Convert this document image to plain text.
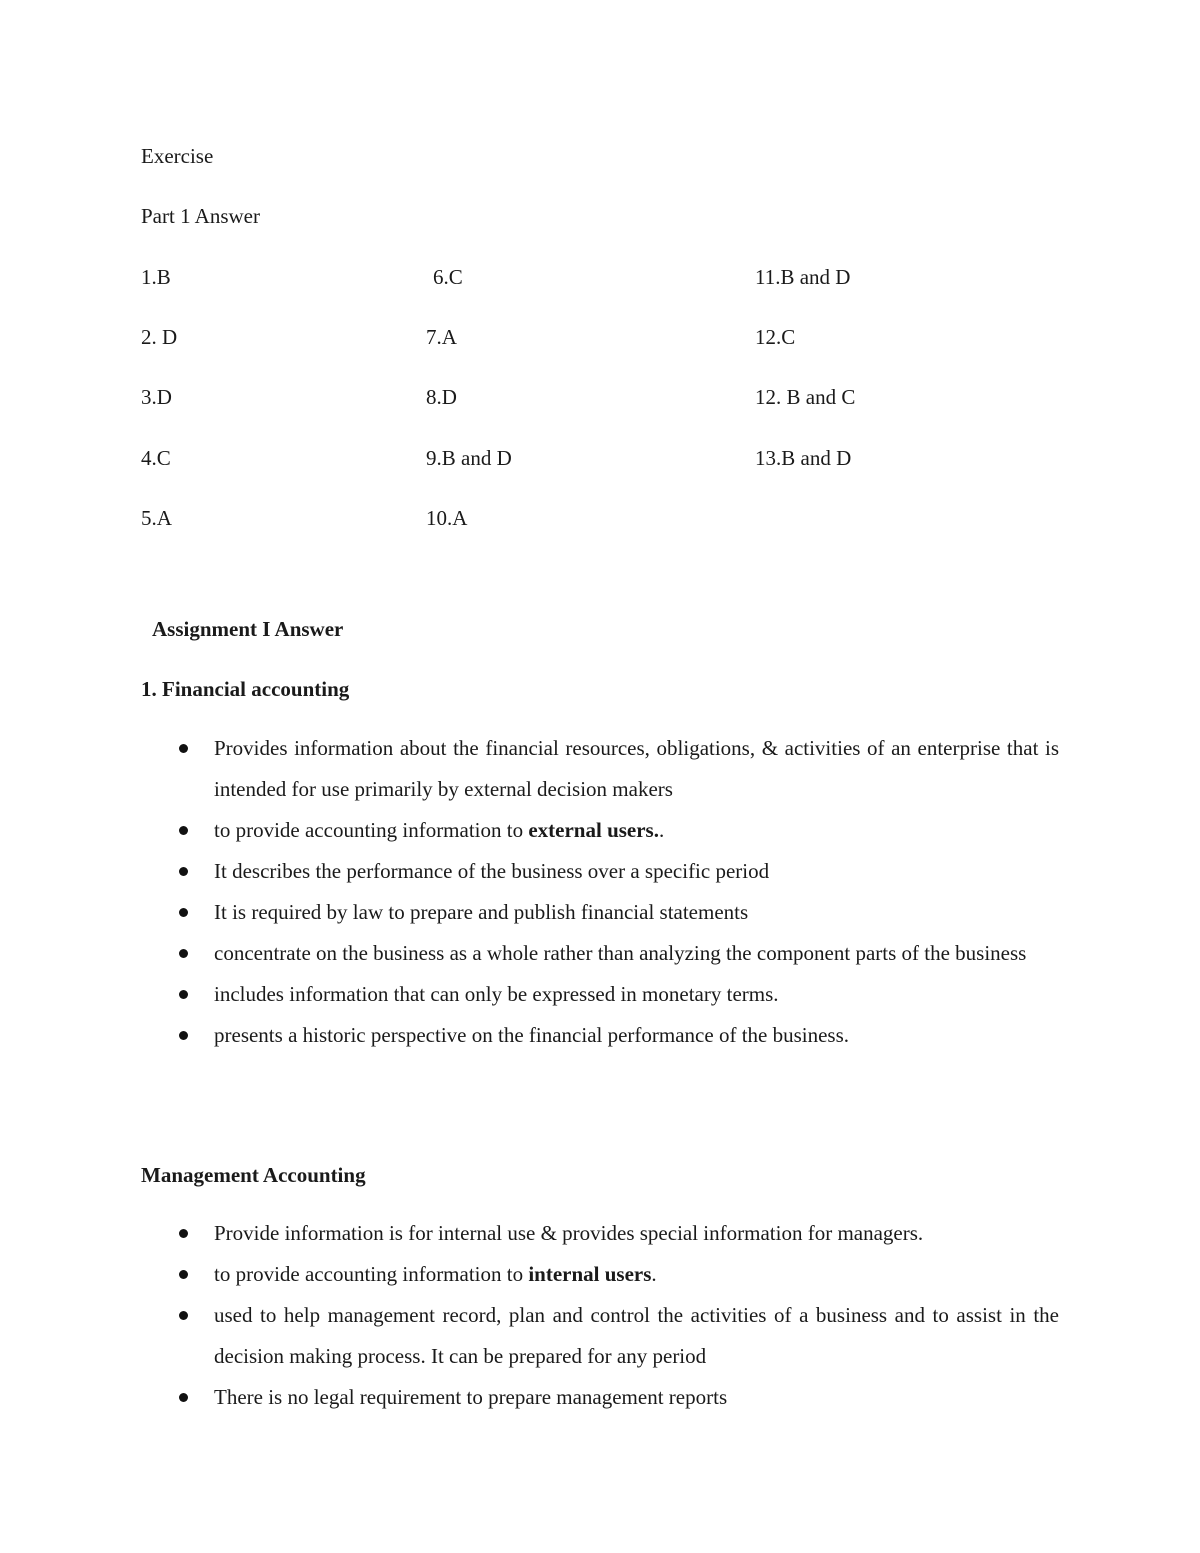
Exercise
Part 1 Answer
1.B
2. D
3.D
4.C
5.A
6.C
7.A
8.D
9.B and D
10.A
11.B and D
12.C
12. B and C
13.B and D
Assignment I Answer
1. Financial accounting
Provides information about the financial resources, obligations, & activities of an enterprise that is intended for use primarily by external decision makers
to provide accounting information to external users..
It describes the performance of the business over a specific period
It is required by law to prepare and publish financial statements
concentrate on the business as a whole rather than analyzing the component parts of the business
includes information that can only be expressed in monetary terms.
presents a historic perspective on the financial performance of the business.
Management Accounting
Provide information is for internal use & provides special information for managers.
to provide accounting information to internal users.
used to help management record, plan and control the activities of a business and to assist in the decision making process. It can be prepared for any period
There is no legal requirement to prepare management reports
